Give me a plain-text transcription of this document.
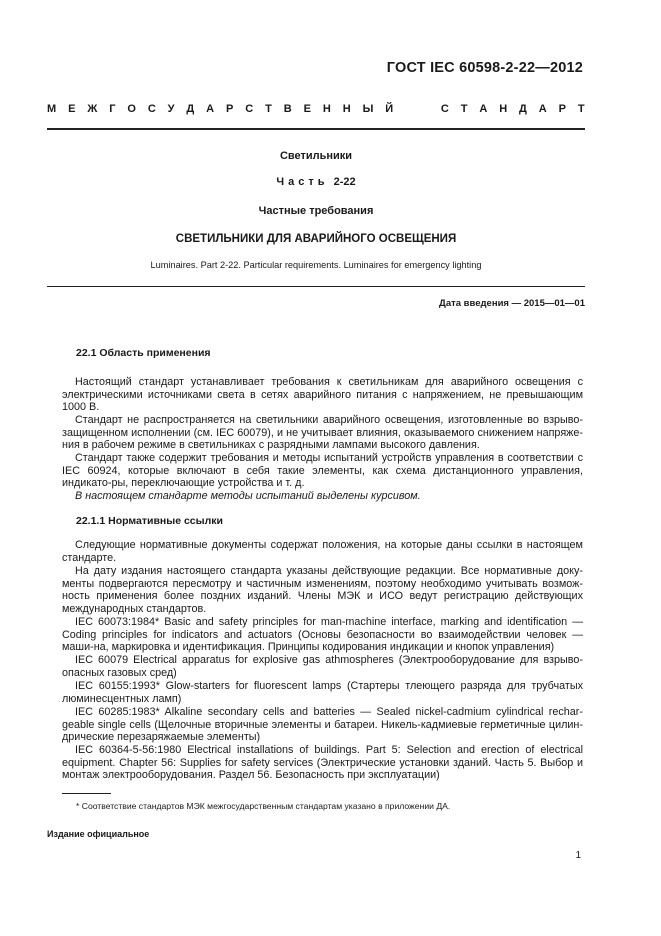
ГОСТ IEC 60598-2-22—2012
М Е Ж Г О С У Д А Р С Т В Е Н Н Ы Й	С Т А Н Д А Р Т
Светильники
Часть 2-22
Частные требования
СВЕТИЛЬНИКИ ДЛЯ АВАРИЙНОГО ОСВЕЩЕНИЯ
Luminaires. Part 2-22. Particular requirements. Luminaires for emergency lighting
Дата введения — 2015—01—01
22.1 Область применения

Настоящий стандарт устанавливает требования к светильникам для аварийного освещения с электрическими источниками света в сетях аварийного питания с напряжением, не превышающим 1000 В.

Стандарт не распространяется на светильники аварийного освещения, изготовленные во взрыво-защищенном исполнении (см. IEC 60079), и не учитывает влияния, оказываемого снижением напряже-ния в рабочем режиме в светильниках с разрядными лампами высокого давления.

Стандарт также содержит требования и методы испытаний устройств управления в соответствии с IEC 60924, которые включают в себя такие элементы, как схема дистанционного управления, индикато-ры, переключающие устройства и т. д.

В настоящем стандарте методы испытаний выделены курсивом.

22.1.1 Нормативные ссылки

Следующие нормативные документы содержат положения, на которые даны ссылки в настоящем стандарте.

На дату издания настоящего стандарта указаны действующие редакции. Все нормативные доку-менты подвергаются пересмотру и частичным изменениям, поэтому необходимо учитывать возмож-ность применения более поздних изданий. Члены МЭК и ИСО ведут регистрацию действующих международных стандартов.

IEC 60073:1984* Basic and safety principles for man-machine interface, marking and identification — Coding principles for indicators and actuators (Основы безопасности во взаимодействии человек — маши-на, маркировка и идентификация. Принципы кодирования индикации и кнопок управления)

IEC 60079 Electrical apparatus for explosive gas athmospheres (Электрооборудование для взрыво-опасных газовых сред)

IEC 60155:1993* Glow-starters for fluorescent lamps (Стартеры тлеющего разряда для трубчатых люминесцентных ламп)

IEC 60285:1983* Alkaline secondary cells and batteries — Sealed nickel-cadmium cylindrical rechar-geable single cells (Щелочные вторичные элементы и батареи. Никель-кадмиевые герметичные цилин-дрические перезаряжаемые элементы)

IEC 60364-5-56:1980 Electrical installations of buildings. Part 5: Selection and erection of electrical equipment. Chapter 56: Supplies for safety services (Электрические установки зданий. Часть 5. Выбор и монтаж электрооборудования. Раздел 56. Безопасность при эксплуатации)

* Соответствие стандартов МЭК межгосударственным стандартам указано в приложении ДА.
Издание официальное
1
